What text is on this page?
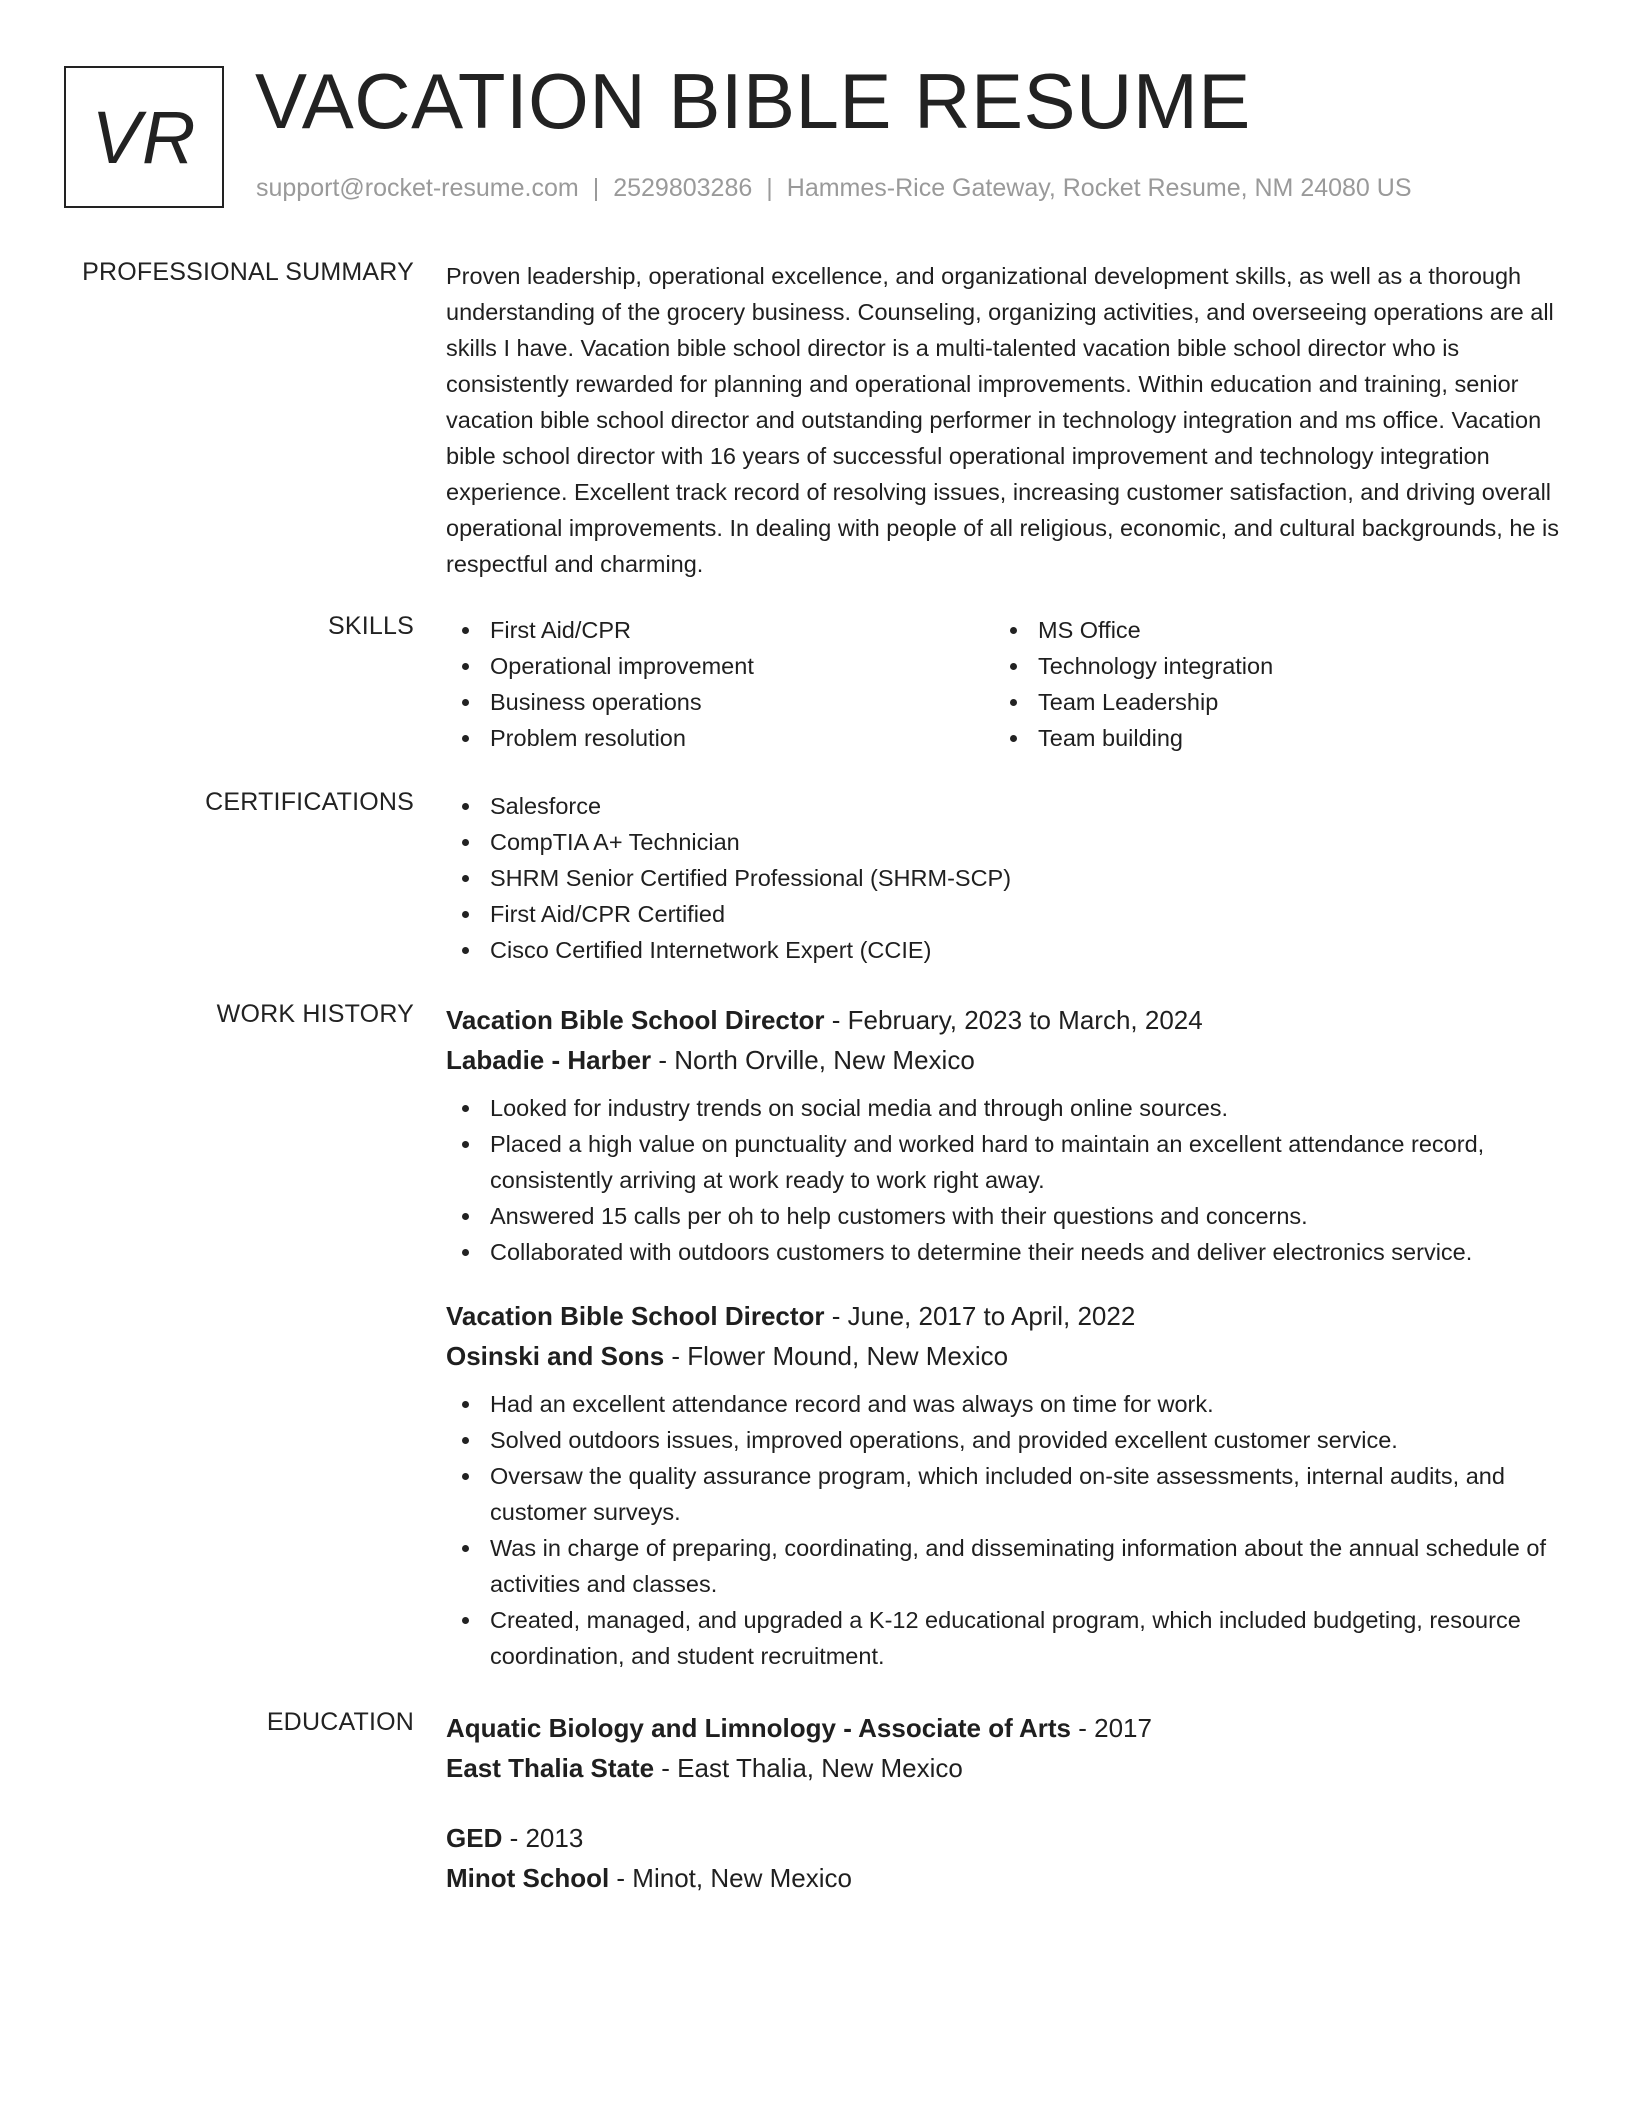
VR VACATION BIBLE RESUME
support@rocket-resume.com | 2529803286 | Hammes-Rice Gateway, Rocket Resume, NM 24080 US
PROFESSIONAL SUMMARY Proven leadership, operational excellence, and organizational development skills, as well as a thorough understanding of the grocery business. Counseling, organizing activities, and overseeing operations are all skills I have. Vacation bible school director is a multi-talented vacation bible school director who is consistently rewarded for planning and operational improvements. Within education and training, senior vacation bible school director and outstanding performer in technology integration and ms office. Vacation bible school director with 16 years of successful operational improvement and technology integration experience. Excellent track record of resolving issues, increasing customer satisfaction, and driving overall operational improvements. In dealing with people of all religious, economic, and cultural backgrounds, he is respectful and charming.

SKILLS	First Aid/CPR
Operational improvement
Business operations
Problem resolution
MS Office
Technology integration
Team Leadership
Team building
CERTIFICATIONS	Salesforce
CompTIA A+ Technician
SHRM Senior Certified Professional (SHRM-SCP)
First Aid/CPR Certified
Cisco Certified Internetwork Expert (CCIE)
WORK HISTORY Vacation Bible School Director - February, 2023 to March, 2024
Labadie - Harber - North Orville, New Mexico
Looked for industry trends on social media and through online sources.
Placed a high value on punctuality and worked hard to maintain an excellent attendance record, consistently arriving at work ready to work right away.
Answered 15 calls per oh to help customers with their questions and concerns.
Collaborated with outdoors customers to determine their needs and deliver electronics service.
Vacation Bible School Director - June, 2017 to April, 2022
Osinski and Sons - Flower Mound, New Mexico
Had an excellent attendance record and was always on time for work.
Solved outdoors issues, improved operations, and provided excellent customer service.
Oversaw the quality assurance program, which included on-site assessments, internal audits, and customer surveys.
Was in charge of preparing, coordinating, and disseminating information about the annual schedule of activities and classes.
Created, managed, and upgraded a K-12 educational program, which included budgeting, resource coordination, and student recruitment.
EDUCATION Aquatic Biology and Limnology - Associate of Arts - 2017
East Thalia State - East Thalia, New Mexico
GED - 2013
Minot School - Minot, New Mexico
